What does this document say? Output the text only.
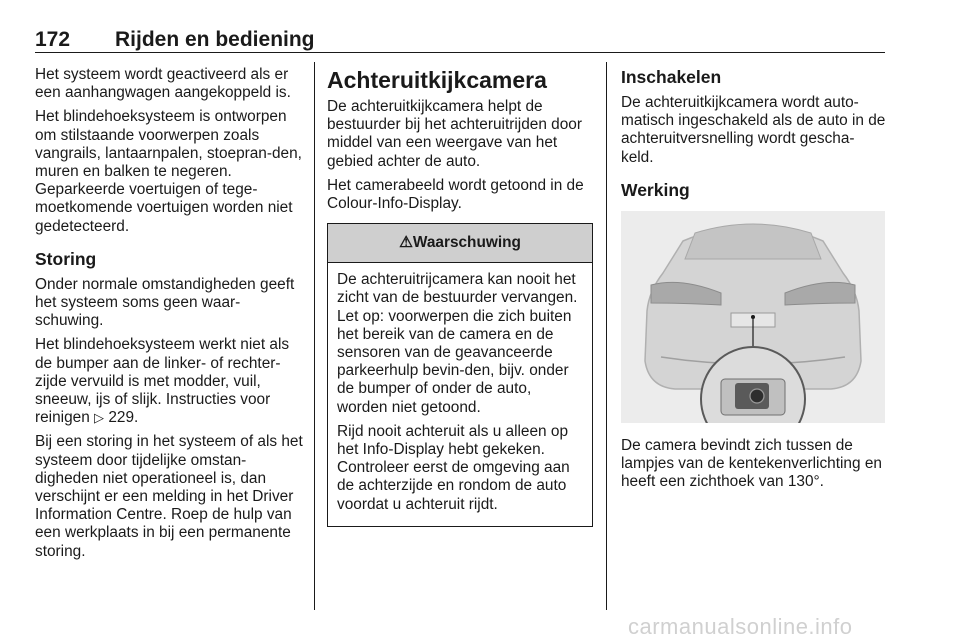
172 Rijden en bediening

Het systeem wordt geactiveerd als er een aanhangwagen aangekoppeld is.

Het blindehoeksysteem is ontworpen om stilstaande voorwerpen zoals vangrails, lantaarnpalen, stoepran-den, muren en balken te negeren. Geparkeerde voertuigen of tege-moetkomende voertuigen worden niet gedetecteerd.

Storing

Onder normale omstandigheden geeft het systeem soms geen waar-schuwing.

Het blindehoeksysteem werkt niet als de bumper aan de linker- of rechter-zijde vervuild is met modder, vuil, sneeuw, ijs of slijk. Instructies voor reinigen ▷ 229.

Bij een storing in het systeem of als het systeem door tijdelijke omstan-digheden niet operationeel is, dan verschijnt er een melding in het Driver Information Centre. Roep de hulp van een werkplaats in bij een permanente storing.

Achteruitkijkcamera

De achteruitkijkcamera helpt de bestuurder bij het achteruitrijden door middel van een weergave van het gebied achter de auto.

Het camerabeeld wordt getoond in de Colour-Info-Display.

⚠Waarschuwing

De achteruitrijcamera kan nooit het zicht van de bestuurder vervangen. Let op: voorwerpen die zich buiten het bereik van de camera en de sensoren van de geavanceerde parkeerhulp bevin-den, bijv. onder de bumper of onder de auto, worden niet getoond.

Rijd nooit achteruit als u alleen op het Info-Display hebt gekeken. Controleer eerst de omgeving aan de achterzijde en rondom de auto voordat u achteruit rijdt.

Inschakelen

De achteruitkijkcamera wordt auto-matisch ingeschakeld als de auto in de achteruitversnelling wordt gescha-keld.

Werking

De camera bevindt zich tussen de lampjes van de kentekenverlichting en heeft een zichthoek van 130°.

carmanualsonline.info
